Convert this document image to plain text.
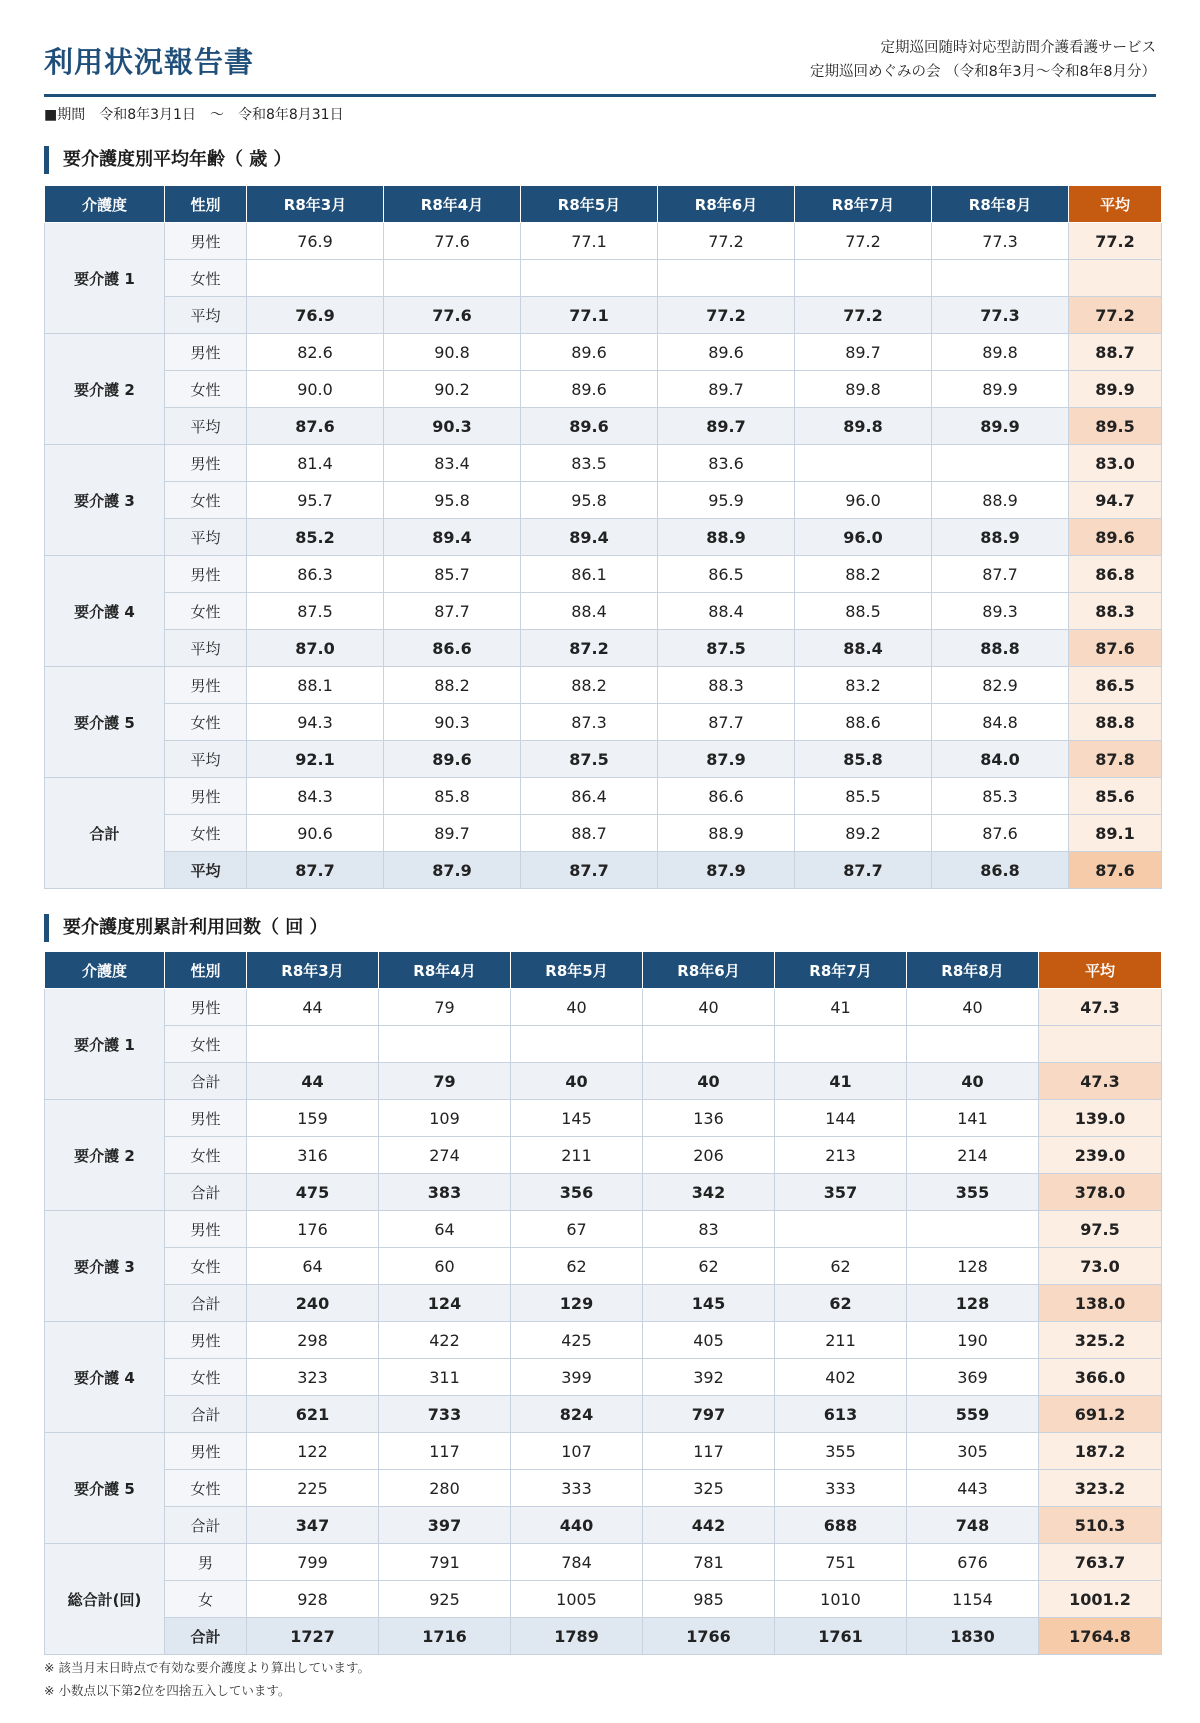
利用状況報告書	定期巡回随時対応型訪問介護看護サービス
定期巡回めぐみの会 （令和8年3月〜令和8年8月分）
■期間　令和8年3月1日　〜　令和8年8月31日
要介護度別平均年齢（ 歳 ）
介護度	性別	R8年3月	R8年4月	R8年5月	R8年6月	R8年7月	R8年8月	平均
要介護 1	男性	76.9	77.6	77.1	77.2	77.2	77.3	77.2
	女性							
	平均	76.9	77.6	77.1	77.2	77.2	77.3	77.2
要介護 2	男性	82.6	90.8	89.6	89.6	89.7	89.8	88.7
	女性	90.0	90.2	89.6	89.7	89.8	89.9	89.9
	平均	87.6	90.3	89.6	89.7	89.8	89.9	89.5
要介護 3	男性	81.4	83.4	83.5	83.6			83.0
	女性	95.7	95.8	95.8	95.9	96.0	88.9	94.7
	平均	85.2	89.4	89.4	88.9	96.0	88.9	89.6
要介護 4	男性	86.3	85.7	86.1	86.5	88.2	87.7	86.8
	女性	87.5	87.7	88.4	88.4	88.5	89.3	88.3
	平均	87.0	86.6	87.2	87.5	88.4	88.8	87.6
要介護 5	男性	88.1	88.2	88.2	88.3	83.2	82.9	86.5
	女性	94.3	90.3	87.3	87.7	88.6	84.8	88.8
	平均	92.1	89.6	87.5	87.9	85.8	84.0	87.8
合計	男性	84.3	85.8	86.4	86.6	85.5	85.3	85.6
	女性	90.6	89.7	88.7	88.9	89.2	87.6	89.1
	平均	87.7	87.9	87.7	87.9	87.7	86.8	87.6
要介護度別累計利用回数（ 回 ）
介護度	性別	R8年3月	R8年4月	R8年5月	R8年6月	R8年7月	R8年8月	平均
要介護 1	男性	44	79	40	40	41	40	47.3
	女性							
	合計	44	79	40	40	41	40	47.3
要介護 2	男性	159	109	145	136	144	141	139.0
	女性	316	274	211	206	213	214	239.0
	合計	475	383	356	342	357	355	378.0
要介護 3	男性	176	64	67	83			97.5
	女性	64	60	62	62	62	128	73.0
	合計	240	124	129	145	62	128	138.0
要介護 4	男性	298	422	425	405	211	190	325.2
	女性	323	311	399	392	402	369	366.0
	合計	621	733	824	797	613	559	691.2
要介護 5	男性	122	117	107	117	355	305	187.2
	女性	225	280	333	325	333	443	323.2
	合計	347	397	440	442	688	748	510.3
総合計(回)	男	799	791	784	781	751	676	763.7
	女	928	925	1005	985	1010	1154	1001.2
	合計	1727	1716	1789	1766	1761	1830	1764.8
※ 該当月末日時点で有効な要介護度より算出しています。
※ 小数点以下第2位を四捨五入しています。
